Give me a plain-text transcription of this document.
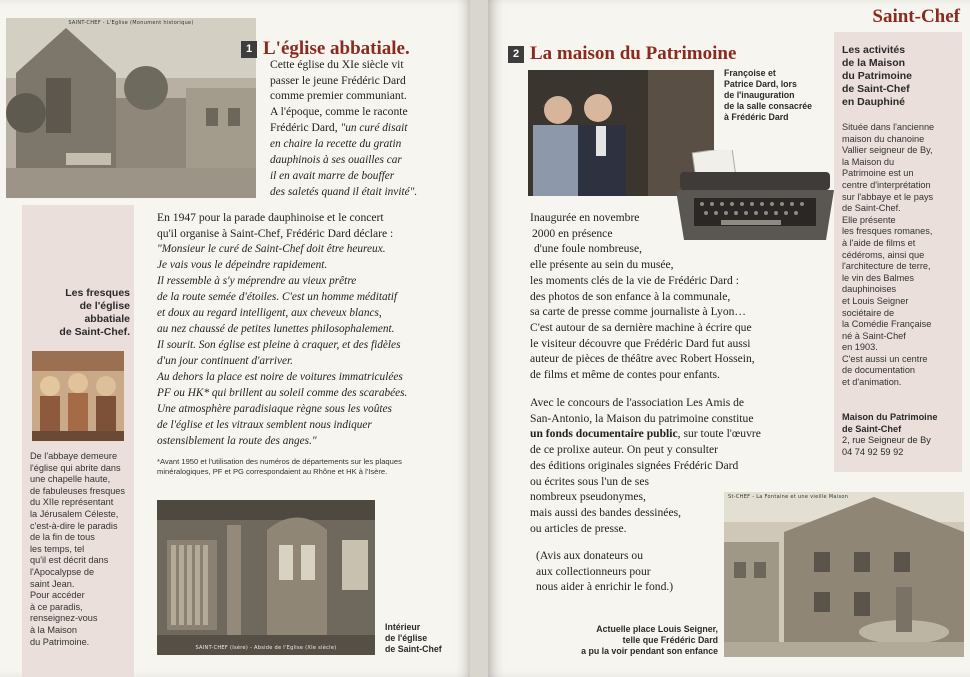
SAINT-CHEF - L'Eglise (Monument historique)
1 L'église abbatiale.

Cette église du XIe siècle vit

passer le jeune Frédéric Dard

comme premier communiant.

A l'époque, comme le raconte

Frédéric Dard, "un curé disait

en chaire la recette du gratin

dauphinois à ses ouailles car

il en avait marre de bouffer

des saletés quand il était invité".

Les fresques
de l'église
abbatiale
de Saint-Chef.
De l'abbaye demeure
l'église qui abrite dans
une chapelle haute,
de fabuleuses fresques
du XIIe représentant
la Jérusalem Céleste,
c'est-à-dire le paradis
de la fin de tous
les temps, tel
qu'il est décrit dans
l'Apocalypse de
saint Jean.
Pour accéder
à ce paradis,
renseignez-vous
à la Maison
du Patrimoine.

En 1947 pour la parade dauphinoise et le concert

qu'il organise à Saint-Chef, Frédéric Dard déclare :

"Monsieur le curé de Saint-Chef doit être heureux.

Je vais vous le dépeindre rapidement.

Il ressemble à s'y méprendre au vieux prêtre

de la route semée d'étoiles. C'est un homme méditatif

et doux au regard intelligent, aux cheveux blancs,

au nez chaussé de petites lunettes philosophalement.

Il sourit. Son église est pleine à craquer, et des fidèles

d'un jour continuent d'arriver.

Au dehors la place est noire de voitures immatriculées

PF ou HK* qui brillent au soleil comme des scarabées.

Une atmosphère paradisiaque règne sous les voûtes

de l'église et les vitraux semblent nous indiquer

ostensiblement la route des anges."

*Avant 1950 et l'utilisation des numéros de départements sur les plaques
minéralogiques, PF et PG correspondaient au Rhône et HK à l'Isère.
SAINT-CHEF (Isère) - Abside de l'Eglise (XIe siècle)
Intérieur
de l'église
de Saint-Chef
Saint-Chef
2 La maison du Patrimoine
Françoise et
Patrice Dard, lors
de l'inauguration
de la salle consacrée
à Frédéric Dard

Inaugurée en novembre

2000 en présence

d'une foule nombreuse,

elle présente au sein du musée,

les moments clés de la vie de Frédéric Dard :

des photos de son enfance à la communale,

sa carte de presse comme journaliste à Lyon…

C'est autour de sa dernière machine à écrire que

le visiteur découvre que Frédéric Dard fut aussi

auteur de pièces de théâtre avec Robert Hossein,

de films et même de contes pour enfants.

Avec le concours de l'association Les Amis de

San-Antonio, la Maison du patrimoine constitue

un fonds documentaire public, sur toute l'œuvre

de ce prolixe auteur. On peut y consulter

des éditions originales signées Frédéric Dard

ou écrites sous l'un de ses

nombreux pseudonymes,

mais aussi des bandes dessinées,

ou articles de presse.

(Avis aux donateurs ou

aux collectionneurs pour

nous aider à enrichir le fond.)

Actuelle place Louis Seigner,
telle que Frédéric Dard
a pu la voir pendant son enfance
St-CHEF - La Fontaine et une vieille Maison
Les activités
de la Maison
du Patrimoine
de Saint-Chef
en Dauphiné
Située dans l'ancienne
maison du chanoine
Vallier seigneur de By,
la Maison du
Patrimoine est un
centre d'interprétation
sur l'abbaye et le pays
de Saint-Chef.
Elle présente
les fresques romanes,
à l'aide de films et
cédéroms, ainsi que
l'architecture de terre,
le vin des Balmes
dauphinoises
et Louis Seigner
sociétaire de
la Comédie Française
né à Saint-Chef
en 1903.
C'est aussi un centre
de documentation
et d'animation.
Maison du Patrimoine
de Saint-Chef
2, rue Seigneur de By
04 74 92 59 92
